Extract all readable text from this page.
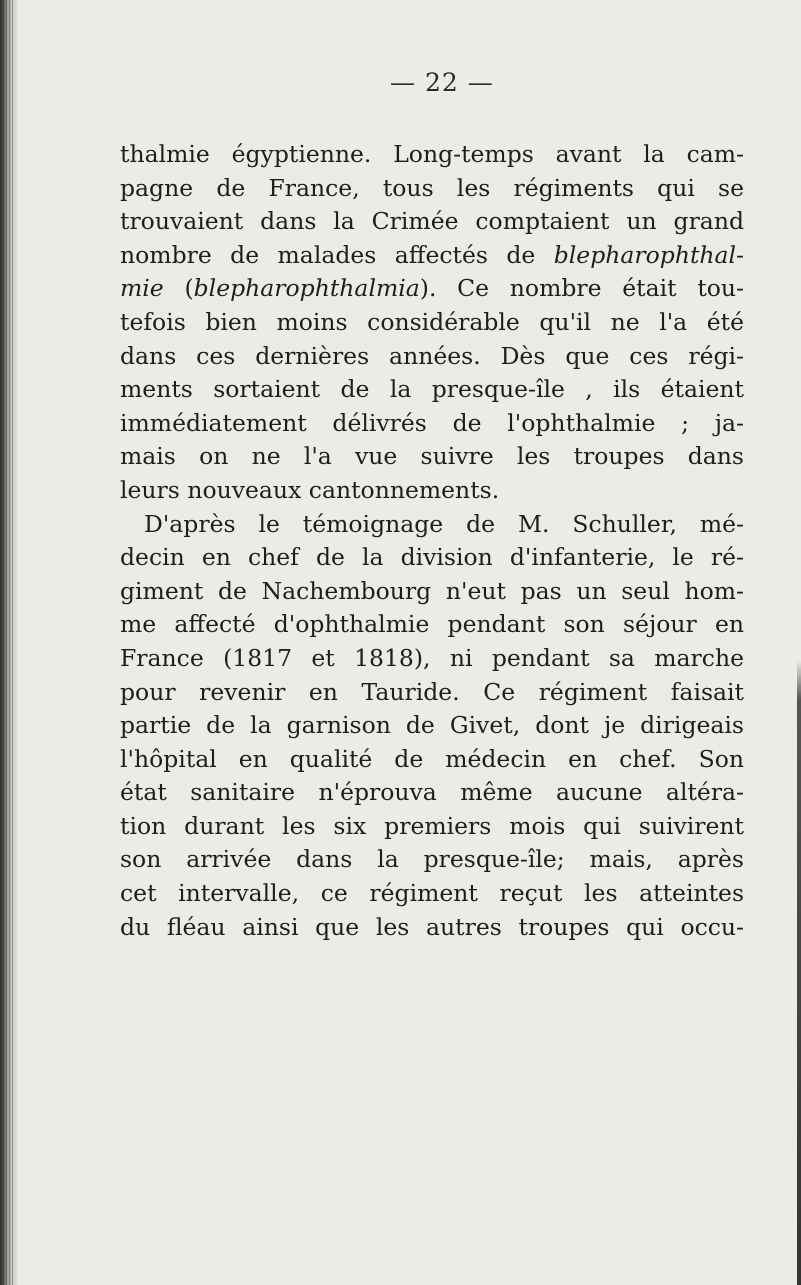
— 22 —
thalmie égyptienne. Long-temps avant la cam-
pagne de France, tous les régiments qui se
trouvaient dans la Crimée comptaient un grand
nombre de malades affectés de blepharophthal-
mie (blepharophthalmia). Ce nombre était tou-
tefois bien moins considérable qu'il ne l'a été
dans ces dernières années. Dès que ces régi-
ments sortaient de la presque-île , ils étaient
immédiatement délivrés de l'ophthalmie ; ja-
mais on ne l'a vue suivre les troupes dans
leurs nouveaux cantonnements.
D'après le témoignage de M. Schuller, mé-
decin en chef de la division d'infanterie, le ré-
giment de Nachembourg n'eut pas un seul hom-
me affecté d'ophthalmie pendant son séjour en
France (1817 et 1818), ni pendant sa marche
pour revenir en Tauride. Ce régiment faisait
partie de la garnison de Givet, dont je dirigeais
l'hôpital en qualité de médecin en chef. Son
état sanitaire n'éprouva même aucune altéra-
tion durant les six premiers mois qui suivirent
son arrivée dans la presque-île; mais, après
cet intervalle, ce régiment reçut les atteintes
du fléau ainsi que les autres troupes qui occu-
